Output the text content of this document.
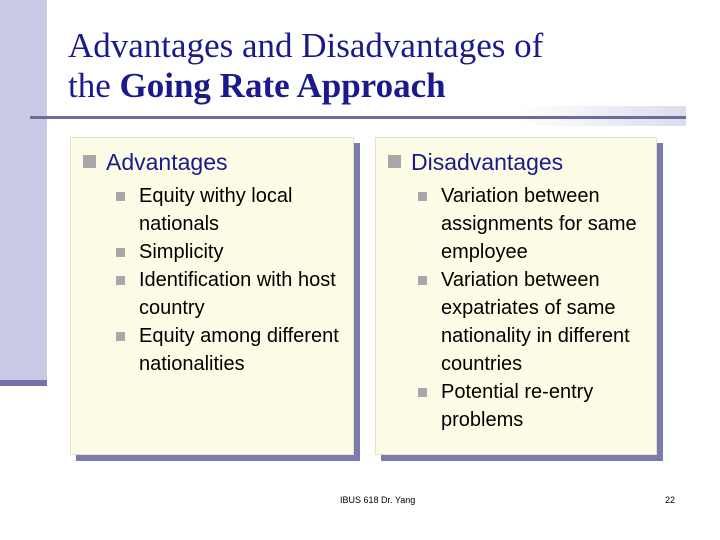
Advantages and Disadvantages of
the Going Rate Approach
Advantages
Equity withy local nationals
Simplicity
Identification with host country
Equity among different nationalities
Disadvantages
Variation between assignments for same employee
Variation between expatriates of same nationality in different countries
Potential re-entry problems
IBUS 618 Dr. Yang	22
